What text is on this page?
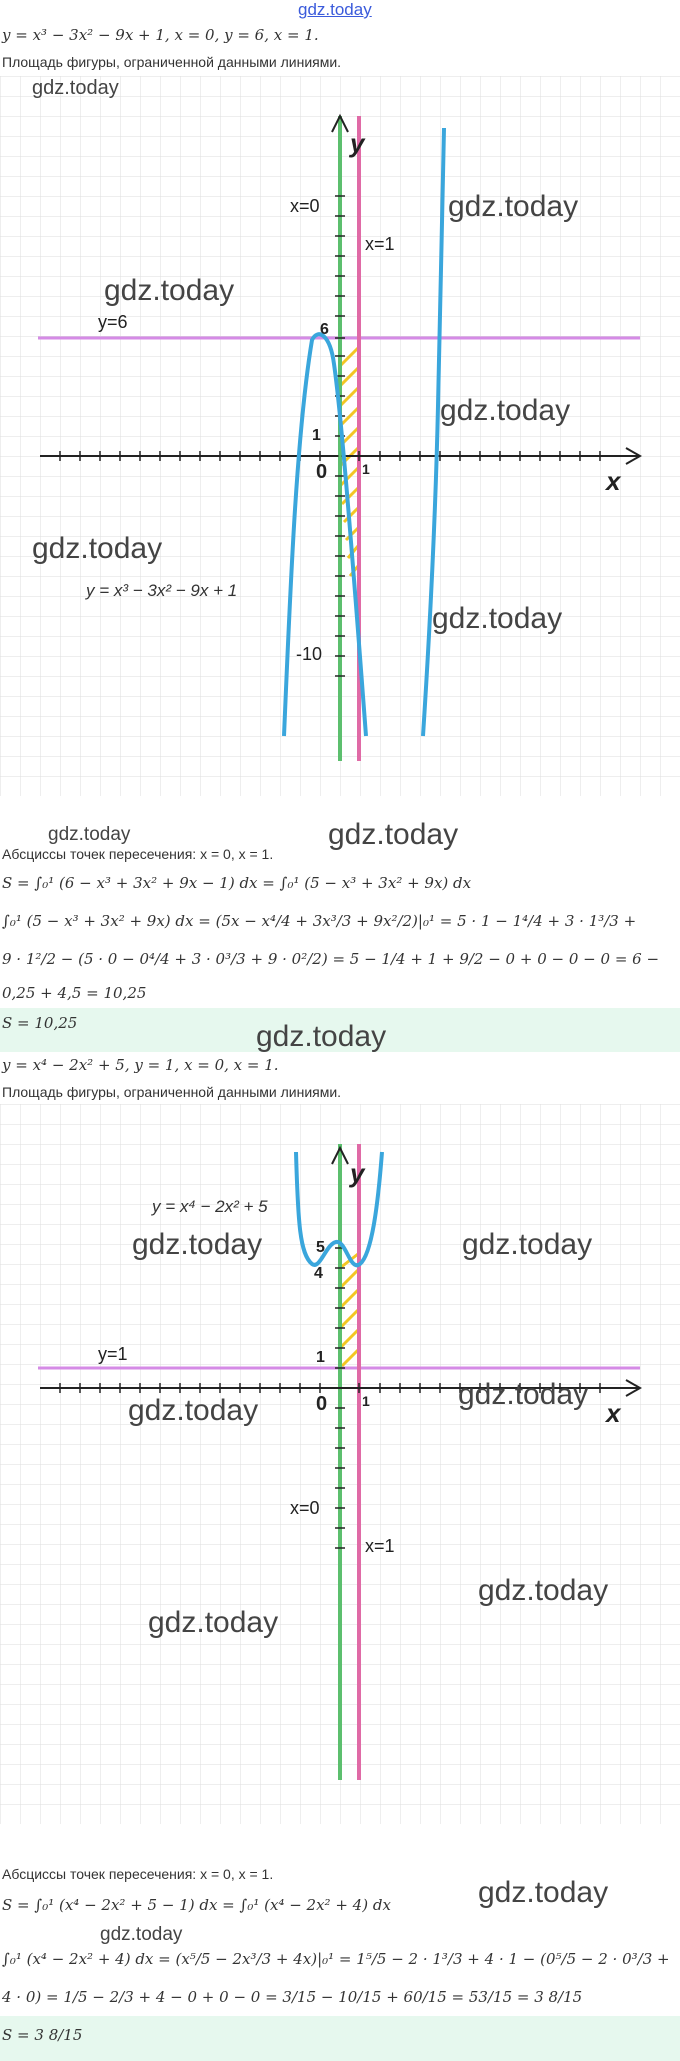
gdz.today
y = x³ − 3x² − 9x + 1, x = 0, y = 6, x = 1.
Площадь фигуры, ограниченной данными линиями.
y
x
0 1
1
6
-10
x=0
x=1
y=6
y = x³ − 3x² − 9x + 1
gdz.today
gdz.today
gdz.today
gdz.today
gdz.today
gdz.today
gdz.today	gdz.today
Абсциссы точек пересечения: x = 0, x = 1.
S = ∫₀¹ (6 − x³ + 3x² + 9x − 1) dx = ∫₀¹ (5 − x³ + 3x² + 9x) dx
∫₀¹ (5 − x³ + 3x² + 9x) dx = (5x − x⁴/4 + 3x³/3 + 9x²/2)|₀¹ = 5 · 1 − 1⁴/4 + 3 · 1³/3 +
9 · 1²/2 − (5 · 0 − 0⁴/4 + 3 · 0³/3 + 9 · 0²/2) = 5 − 1/4 + 1 + 9/2 − 0 + 0 − 0 − 0 = 6 −
0,25 + 4,5 = 10,25
S = 10,25	gdz.today
y = x⁴ − 2x² + 5, y = 1, x = 0, x = 1.
Площадь фигуры, ограниченной данными линиями.
y
x
0 1
1
4
5
x=0
x=1
y=1
y = x⁴ − 2x² + 5
gdz.today	gdz.today
gdz.today	gdz.today
gdz.today
gdz.today
Абсциссы точек пересечения: x = 0, x = 1.
gdz.today
S = ∫₀¹ (x⁴ − 2x² + 5 − 1) dx = ∫₀¹ (x⁴ − 2x² + 4) dx
gdz.today
∫₀¹ (x⁴ − 2x² + 4) dx = (x⁵/5 − 2x³/3 + 4x)|₀¹ = 1⁵/5 − 2 · 1³/3 + 4 · 1 − (0⁵/5 − 2 · 0³/3 +
4 · 0) = 1/5 − 2/3 + 4 − 0 + 0 − 0 = 3/15 − 10/15 + 60/15 = 53/15 = 3 8/15
S = 3 8/15
